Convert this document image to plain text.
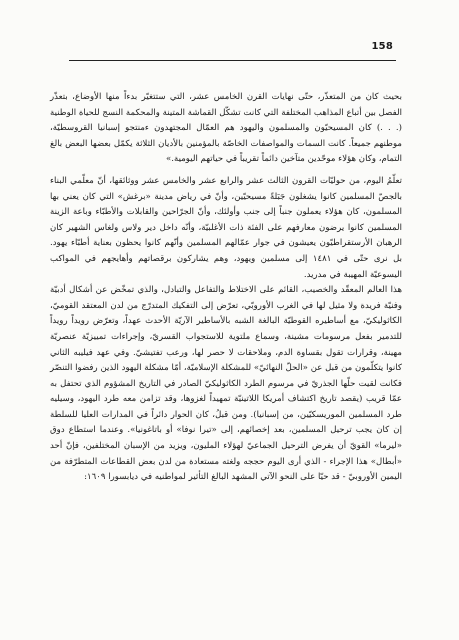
158

بحيث كان من المتعذّر، حتّى نهايات القرن الخامس عشر، التي ستتغيّر بدءاً منها الأوضاع، بتعذّر الفصل بين أتباع المذاهب المختلفة التي كانت تشكّل القماشة المتينة والمحكمة النسج للحياة الوطنية (. . .) كان المسيحيّون والمسلمون واليهود هم العمّال المجتهدون ءمنتجو إسبانيا القروسطيّة، موطنهم جميعاً. كانت السمات والمواصفات الخاصّة بالمؤمنين بالأديان الثلاثة يكمّل بعضها البعض بالغ التمام، وكان هؤلاء موحّدين متآخين دائماً تقريباً في حياتهم اليومية.»

تعلّمُ اليوم، من حوليّات القرون الثالث عشر والرابع عشر والخامس عشر ووثائقها، أنّ معلّمي البناء بالجصّ المسلمين كانوا يشغلون جَبَلةً مسيحيّين، وأنّ في رياض مدينة «برغش» التي كان يعني بها المسلمون، كان هؤلاء يعملون جنباً إلى جنب وأولئك، وأنّ الجرّاحين والقابلات والأطبّاء وباعة الزينة المسلمين كانوا يرضون معارفهم على الفئة ذات الأغلبيّة، وأنّه داخل دير ولاس ولغاس الشهير كان الرهبان الأرستقراطيّون يعيشون في جوار عمّالهم المسلمين وأنّهم كانوا يحظون بعناية أطبّاء يهود. بل نرى حتّى في ١٤٨١ إلى مسلمين ويهود، وهم يشاركون برقصاتهم وأهايجهم في المواكب اليسوعيّة المهيبة في مدريد.

هذا العالم المعقّد والخصيب، القائم على الاختلاط والتفاعل والتبادل، والذي تمخّض عن أشكال أدبيّة وفنيّة فريدة ولا مثيل لها في الغرب الأوروبّي، تعرّض إلى التفكيك المتدرّج من لدن المعتقد القوميّ، الكاثوليكيّ، مع أساطيره القوطيّة البالغة الشبه بالأساطير الآريّة الأحدث عهداً، وتعرّض رويداً رويداً للتدمير بفعل مرسومات مشينة، وسماع ملتوية للاستجواب القسريّ، وإجراءات تمييزيّة عنصريّة مهينة، وقرارات تقول بقساوة الدم، وملاحقات لا حصر لها، ورعب تفتيشيّ. وفي عهد فيليبه الثاني كانوا يتكلّمون من قبل عن «الحلّ النهائيّ» للمشكلة الإسلاميّة، أمّا مشكلة اليهود الذين رفضوا التنصّر فكانت لقيت حلّها الجذريّ في مرسوم الطرد الكاثوليكيّ الصادر في التاريخ المشؤوم الذي تحتفل به عمّا قريب (يقصد تاريخ اكتشاف أمريكا اللاتينيّة تمهيداً لغزوها، وقد تزامن معه طرد اليهود، وسيليه طرد المسلمين الموريسكيّين، من إسبانيا). ومن قبلُ، كان الحوار دائراً في المدارات العليا للسلطة إن كان يجب ترحيل المسلمين، بعد إخصائهم، إلى «تيرا نوفا» أو باتاغونيا». وعندما استطاع دوق «ليرما» القويّ أن يفرض الترحيل الجماعيّ لهؤلاء المليون، ويزيد من الإسبان المختلفين، فإنّ أحد «أبطال» هذا الإجراء - الذي أرى اليوم حججه ولغته مستعادة من لدن بعض القطاعات المتطرّفة من اليمين الأوروبيّ - قد حيّا على النحو الآتي المشهد البالغ التأثير لمواطنيه في ديابسورا ١٦٠٩:
